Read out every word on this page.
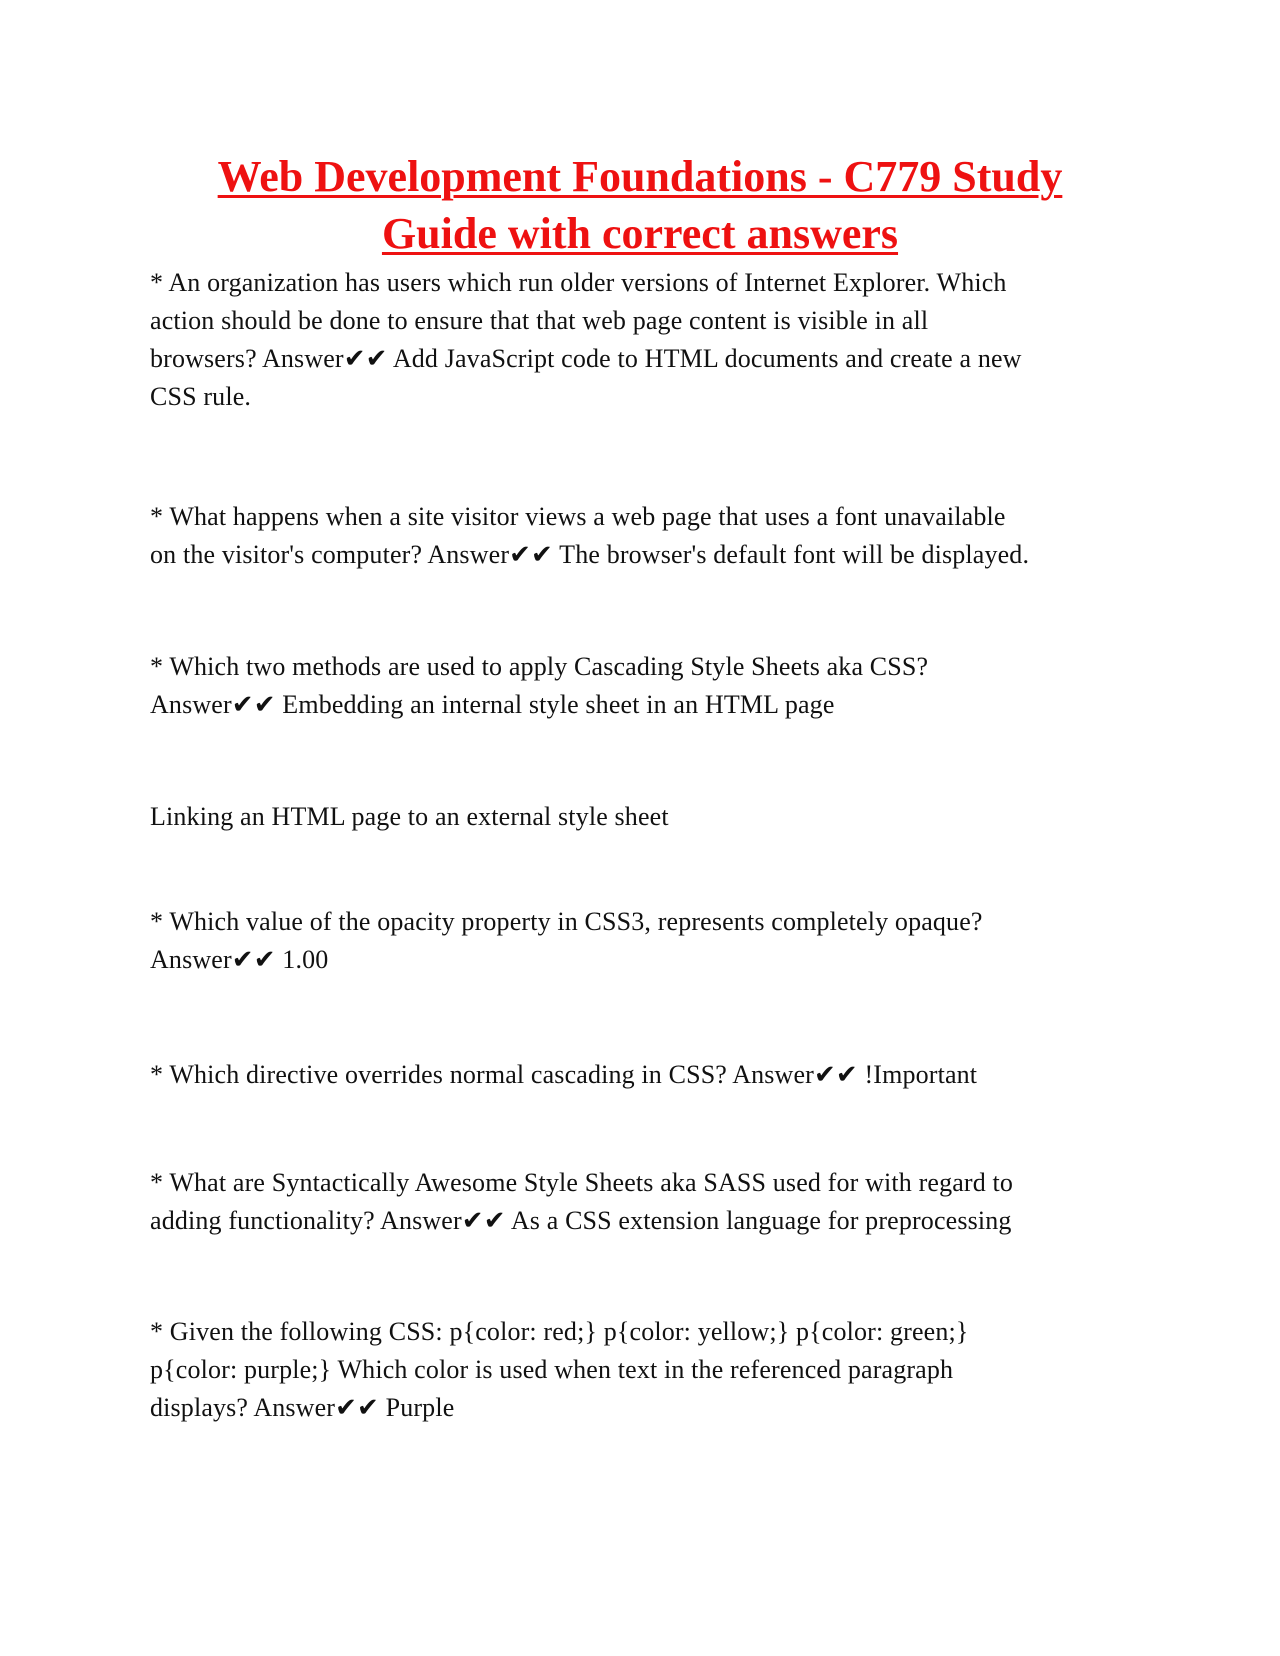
Web Development Foundations - C779 Study
Guide with correct answers

* An organization has users which run older versions of Internet Explorer. Which
action should be done to ensure that that web page content is visible in all
browsers? Answer✔✔ Add JavaScript code to HTML documents and create a new
CSS rule.

* What happens when a site visitor views a web page that uses a font unavailable
on the visitor's computer? Answer✔✔ The browser's default font will be displayed.

* Which two methods are used to apply Cascading Style Sheets aka CSS?
Answer✔✔ Embedding an internal style sheet in an HTML page

Linking an HTML page to an external style sheet

* Which value of the opacity property in CSS3, represents completely opaque?
Answer✔✔ 1.00

* Which directive overrides normal cascading in CSS? Answer✔✔ !Important

* What are Syntactically Awesome Style Sheets aka SASS used for with regard to
adding functionality? Answer✔✔ As a CSS extension language for preprocessing

* Given the following CSS: p{color: red;} p{color: yellow;} p{color: green;}
p{color: purple;} Which color is used when text in the referenced paragraph
displays? Answer✔✔ Purple
